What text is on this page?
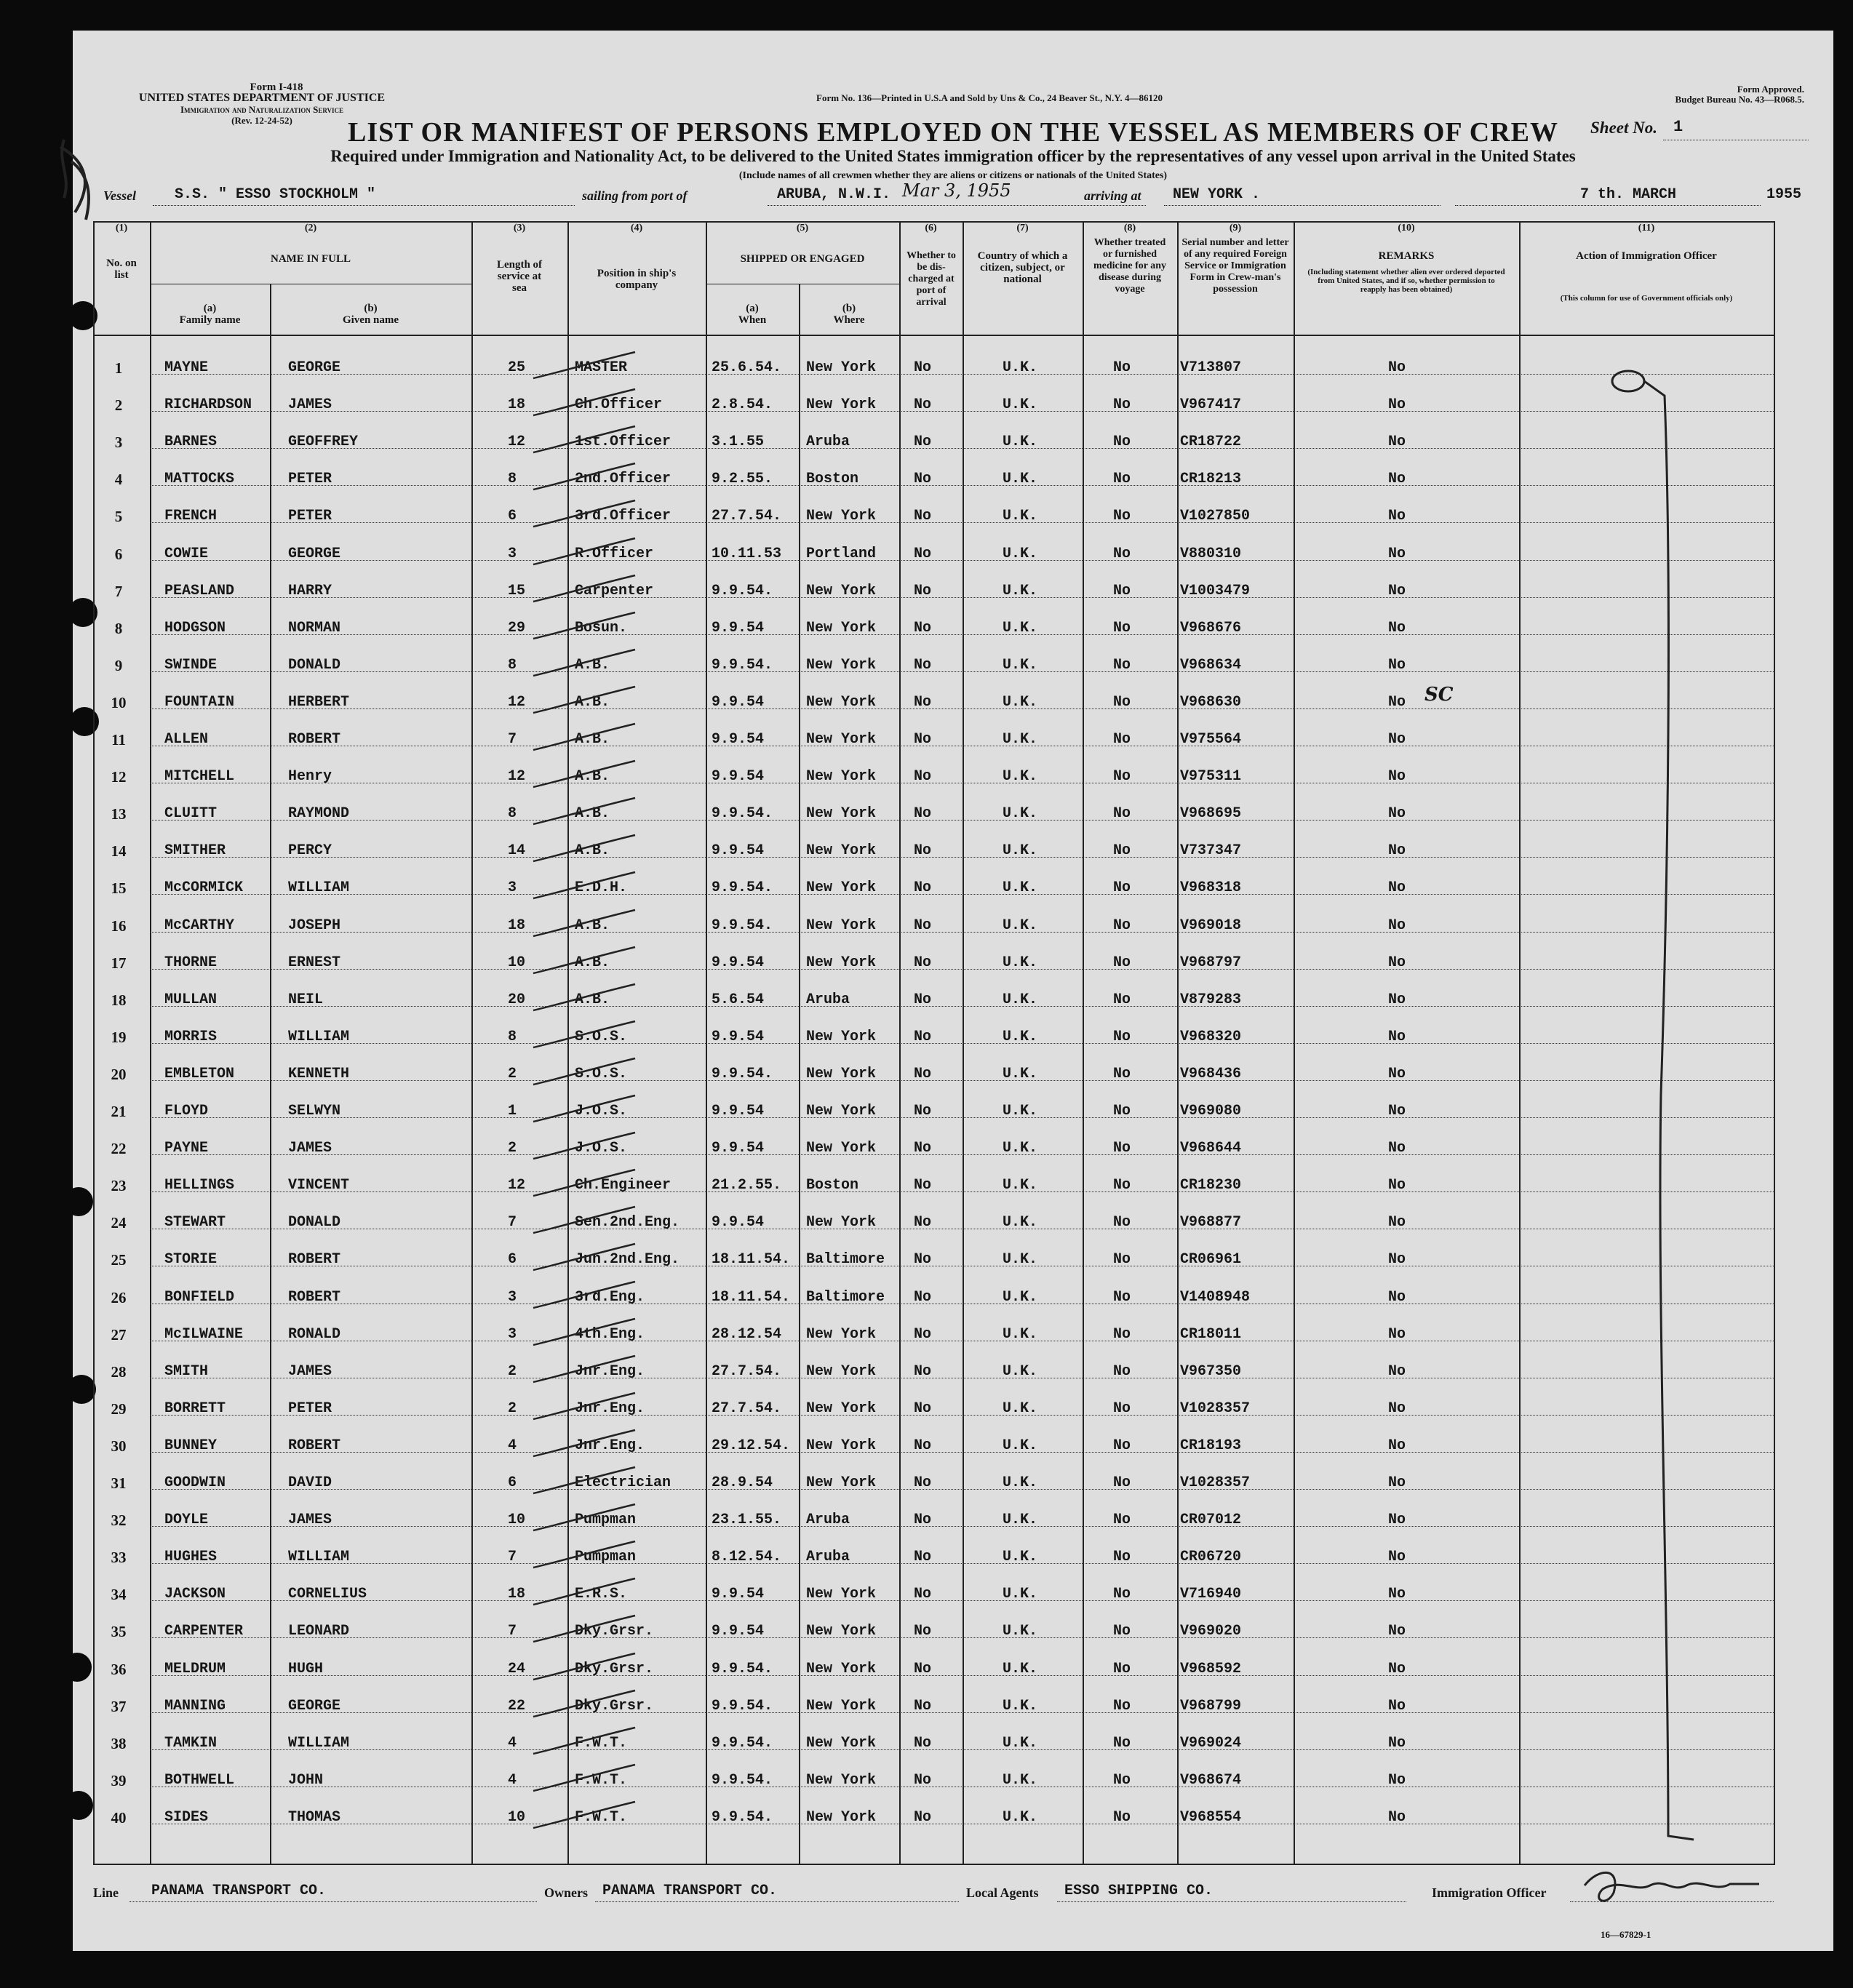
Form I-418
UNITED STATES DEPARTMENT OF JUSTICE
Immigration and Naturalization Service
(Rev. 12-24-52)
Form No. 136—Printed in U.S.A and Sold by Uns & Co., 24 Beaver St., N.Y. 4—86120
Form Approved.
Budget Bureau No. 43—R068.5.
LIST OR MANIFEST OF PERSONS EMPLOYED ON THE VESSEL AS MEMBERS OF CREW	Sheet No. 1
Required under Immigration and Nationality Act, to be delivered to the United States immigration officer by the representatives of any vessel upon arrival in the United States
(Include names of all crewmen whether they are aliens or citizens or nationals of the United States)
Vessel	S.S. " ESSO STOCKHOLM "	sailing from port of	ARUBA, N.W.I. Mar 3, 1955	arriving at NEW YORK .	7 th. MARCH	1955
(1)	(2)	(3)	(4)	(5)	(6)	(7)	(8)	(9)	(10)	(11)
No. on list
NAME IN FULL
(a)
Family name
(b)
Given name
Length of service at sea
Position in ship's company
SHIPPED OR ENGAGED
(a)
When
(b)
Where
Whether to be dis-charged at port of arrival
Country of which a citizen, subject, or national
Whether treated or furnished medicine for any disease during voyage
Serial number and letter of any required Foreign Service or Immigration Form in Crew-man's possession
REMARKS
(Including statement whether alien ever ordered deported from United States, and if so, whether permission to reapply has been obtained)
Action of Immigration Officer
(This column for use of Government officials only)
1	MAYNE	GEORGE	25	MASTER	25.6.54. New York	No	U.K.	No	V713807	No
2	RICHARDSON JAMES	18	Ch.Officer	2.8.54. New York	No	U.K.	No	V967417	No
3	BARNES	GEOFFREY	12	1st.Officer	3.1.55	Aruba	No	U.K.	No	CR18722	No
4	MATTOCKS	PETER	8	2nd.Officer	9.2.55. Boston	No	U.K.	No	CR18213	No
5	FRENCH	PETER	6	3rd.Officer	27.7.54. New York	No	U.K.	No	V1027850	No
6	COWIE	GEORGE	3	R.Officer	10.11.53 Portland	No	U.K.	No	V880310	No
7	PEASLAND	HARRY	15	Carpenter	9.9.54. New York	No	U.K.	No	V1003479	No
8	HODGSON	NORMAN	29	Bosun.	9.9.54	New York	No	U.K.	No	V968676	No
9	SWINDE	DONALD	8	A.B.	9.9.54. New York	No	U.K.	No	V968634	No
10	FOUNTAIN	HERBERT	12	A.B.	9.9.54	New York	No	U.K.	No	V968630	No
11	ALLEN	ROBERT	7	A.B.	9.9.54	New York	No	U.K.	No	V975564	No
12	MITCHELL	Henry	12	A.B.	9.9.54	New York	No	U.K.	No	V975311	No
13	CLUITT	RAYMOND	8	A.B.	9.9.54. New York	No	U.K.	No	V968695	No
14	SMITHER	PERCY	14	A.B.	9.9.54	New York	No	U.K.	No	V737347	No
15	McCORMICK	WILLIAM	3	E.D.H.	9.9.54. New York	No	U.K.	No	V968318	No
16	McCARTHY	JOSEPH	18	A.B.	9.9.54. New York	No	U.K.	No	V969018	No
17	THORNE	ERNEST	10	A.B.	9.9.54	New York	No	U.K.	No	V968797	No
18	MULLAN	NEIL	20	A.B.	5.6.54	Aruba	No	U.K.	No	V879283	No
19	MORRIS	WILLIAM	8	S.O.S.	9.9.54	New York	No	U.K.	No	V968320	No
20	EMBLETON	KENNETH	2	S.O.S.	9.9.54. New York	No	U.K.	No	V968436	No
21	FLOYD	SELWYN	1	J.O.S.	9.9.54	New York	No	U.K.	No	V969080	No
22	PAYNE	JAMES	2	J.O.S.	9.9.54	New York	No	U.K.	No	V968644	No
23	HELLINGS	VINCENT	12	Ch.Engineer	21.2.55. Boston	No	U.K.	No	CR18230	No
24	STEWART	DONALD	7	Sen.2nd.Eng. 9.9.54	New York	No	U.K.	No	V968877	No
25	STORIE	ROBERT	6	Jun.2nd.Eng. 18.11.54. Baltimore No	U.K.	No	CR06961	No
26	BONFIELD	ROBERT	3	3rd.Eng.	18.11.54. Baltimore No	U.K.	No	V1408948	No
27	McILWAINE	RONALD	3	4th.Eng.	28.12.54 New York	No	U.K.	No	CR18011	No
28	SMITH	JAMES	2	Jnr.Eng.	27.7.54. New York	No	U.K.	No	V967350	No
29	BORRETT	PETER	2	Jnr.Eng.	27.7.54. New York	No	U.K.	No	V1028357	No
30	BUNNEY	ROBERT	4	Jnr.Eng.	29.12.54. New York	No	U.K.	No	CR18193	No
31	GOODWIN	DAVID	6	Electrician	28.9.54 New York	No	U.K.	No	V1028357	No
32	DOYLE	JAMES	10	Pumpman	23.1.55. Aruba	No	U.K.	No	CR07012	No
33	HUGHES	WILLIAM	7	Pumpman	8.12.54. Aruba	No	U.K.	No	CR06720	No
34	JACKSON	CORNELIUS	18	E.R.S.	9.9.54	New York	No	U.K.	No	V716940	No
35	CARPENTER	LEONARD	7	Dky.Grsr.	9.9.54	New York	No	U.K.	No	V969020	No
36	MELDRUM	HUGH	24	Dky.Grsr.	9.9.54. New York	No	U.K.	No	V968592	No
37	MANNING	GEORGE	22	Dky.Grsr.	9.9.54. New York	No	U.K.	No	V968799	No
38	TAMKIN	WILLIAM	4	F.W.T.	9.9.54. New York	No	U.K.	No	V969024	No
39	BOTHWELL	JOHN	4	F.W.T.	9.9.54. New York	No	U.K.	No	V968674	No
40	SIDES	THOMAS	10	F.W.T.	9.9.54. New York	No	U.K.	No	V968554	No
SC
Line PANAMA TRANSPORT CO.	Owners PANAMA TRANSPORT CO.	Local Agents ESSO SHIPPING CO.	Immigration Officer
16—67829-1
